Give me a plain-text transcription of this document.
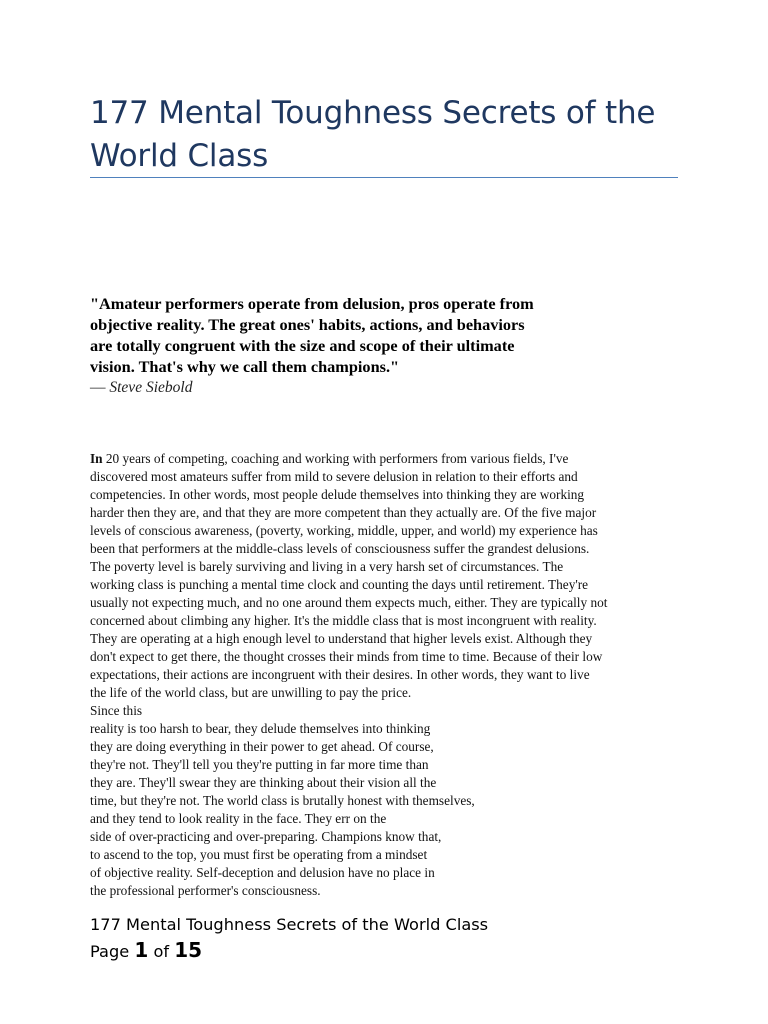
177 Mental Toughness Secrets of the World Class

"Amateur performers operate from delusion, pros operate from objective reality. The great ones' habits, actions, and behaviors are totally congruent with the size and scope of their ultimate vision. That's why we call them champions."

― Steve Siebold
In 20 years of competing, coaching and working with performers from various fields, I've
discovered most amateurs suffer from mild to severe delusion in relation to their efforts and
competencies. In other words, most people delude themselves into thinking they are working
harder then they are, and that they are more competent than they actually are. Of the five major
levels of conscious awareness, (poverty, working, middle, upper, and world) my experience has
been that performers at the middle-class levels of consciousness suffer the grandest delusions.
The poverty level is barely surviving and living in a very harsh set of circumstances. The
working class is punching a mental time clock and counting the days until retirement. They're
usually not expecting much, and no one around them expects much, either. They are typically not
concerned about climbing any higher. It's the middle class that is most incongruent with reality.
They are operating at a high enough level to understand that higher levels exist. Although they
don't expect to get there, the thought crosses their minds from time to time. Because of their low
expectations, their actions are incongruent with their desires. In other words, they want to live
the life of the world class, but are unwilling to pay the price.
Since this
reality is too harsh to bear, they delude themselves into thinking
they are doing everything in their power to get ahead. Of course,
they're not. They'll tell you they're putting in far more time than
they are. They'll swear they are thinking about their vision all the
time, but they're not. The world class is brutally honest with themselves,
and they tend to look reality in the face. They err on the
side of over-practicing and over-preparing. Champions know that,
to ascend to the top, you must first be operating from a mindset
of objective reality. Self-deception and delusion have no place in
the professional performer's consciousness.
177 Mental Toughness Secrets of the World Class
Page 1 of 15
